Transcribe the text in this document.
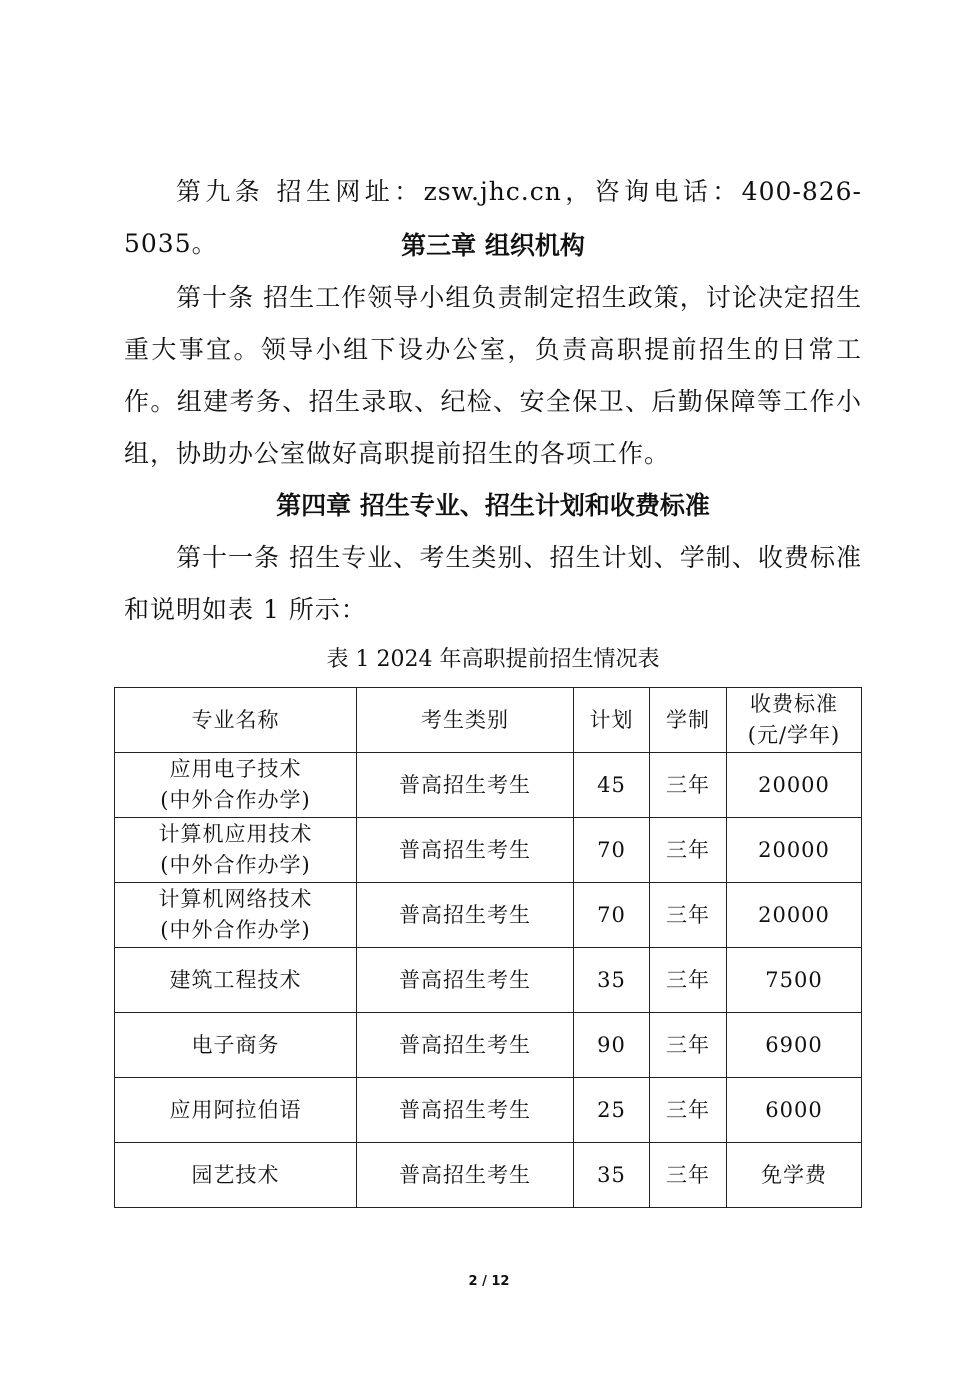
第九条 招生网址：zsw.jhc.cn，咨询电话：400-826-5035。	第三章 组织机构

第十条 招生工作领导小组负责制定招生政策，讨论决定招生重大事宜。领导小组下设办公室，负责高职提前招生的日常工作。组建考务、招生录取、纪检、安全保卫、后勤保障等工作小组，协助办公室做好高职提前招生的各项工作。

第四章 招生专业、招生计划和收费标准

第十一条 招生专业、考生类别、招生计划、学制、收费标准和说明如表 1 所示：

表 1 2024 年高职提前招生情况表

专业名称	考生类别	计划	学制	收费标准
(元/学年)
应用电子技术
(中外合作办学)	普高招生考生	45	三年	20000
计算机应用技术
(中外合作办学)	普高招生考生	70	三年	20000
计算机网络技术
(中外合作办学)	普高招生考生	70	三年	20000
建筑工程技术	普高招生考生	35	三年	7500
电子商务	普高招生考生	90	三年	6900
应用阿拉伯语	普高招生考生	25	三年	6000
园艺技术	普高招生考生	35	三年	免学费
2 / 12
